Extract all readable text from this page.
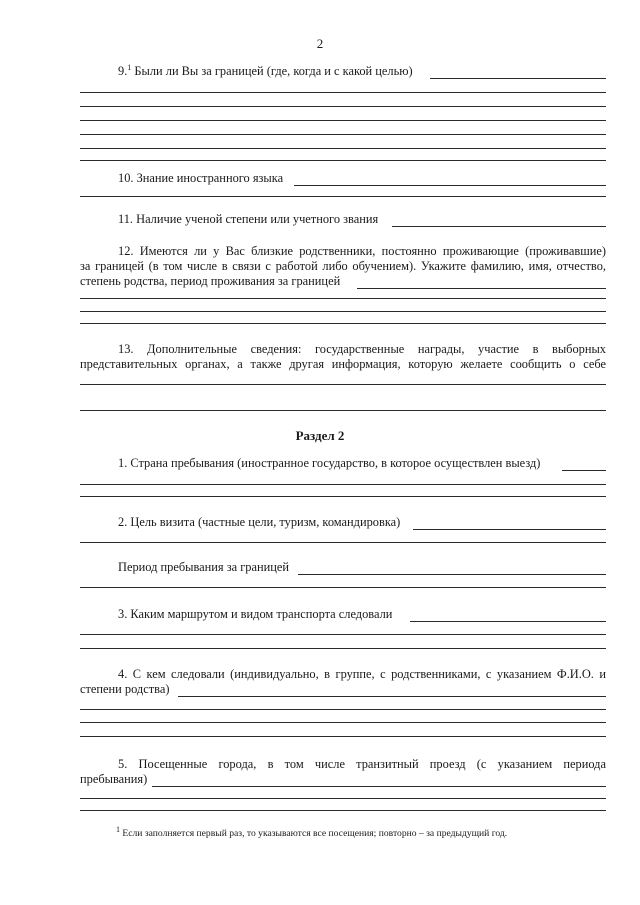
2
9.$^1$ Были ли Вы за границей (где, когда и с какой целью)
10. Знание иностранного языка
11. Наличие ученой степени или учетного звания
12. Имеются ли у Вас близкие родственники, постоянно проживающие (проживавшие)
за границей (в том числе в связи с работой либо обучением). Укажите фамилию, имя, отчество,
степень родства, период проживания за границей
13. Дополнительные сведения: государственные награды, участие в выборных
представительных органах, а также другая информация, которую желаете сообщить о себе
Раздел 2
1. Страна пребывания (иностранное государство, в которое осуществлен выезд)
2. Цель визита (частные цели, туризм, командировка)
Период пребывания за границей
3. Каким маршрутом и видом транспорта следовали
4. С кем следовали (индивидуально, в группе, с родственниками, с указанием Ф.И.О. и
степени родства)
5. Посещенные города, в том числе транзитный проезд (с указанием периода
пребывания)
$^1$ Если заполняется первый раз, то указываются все посещения; повторно – за предыдущий год.
